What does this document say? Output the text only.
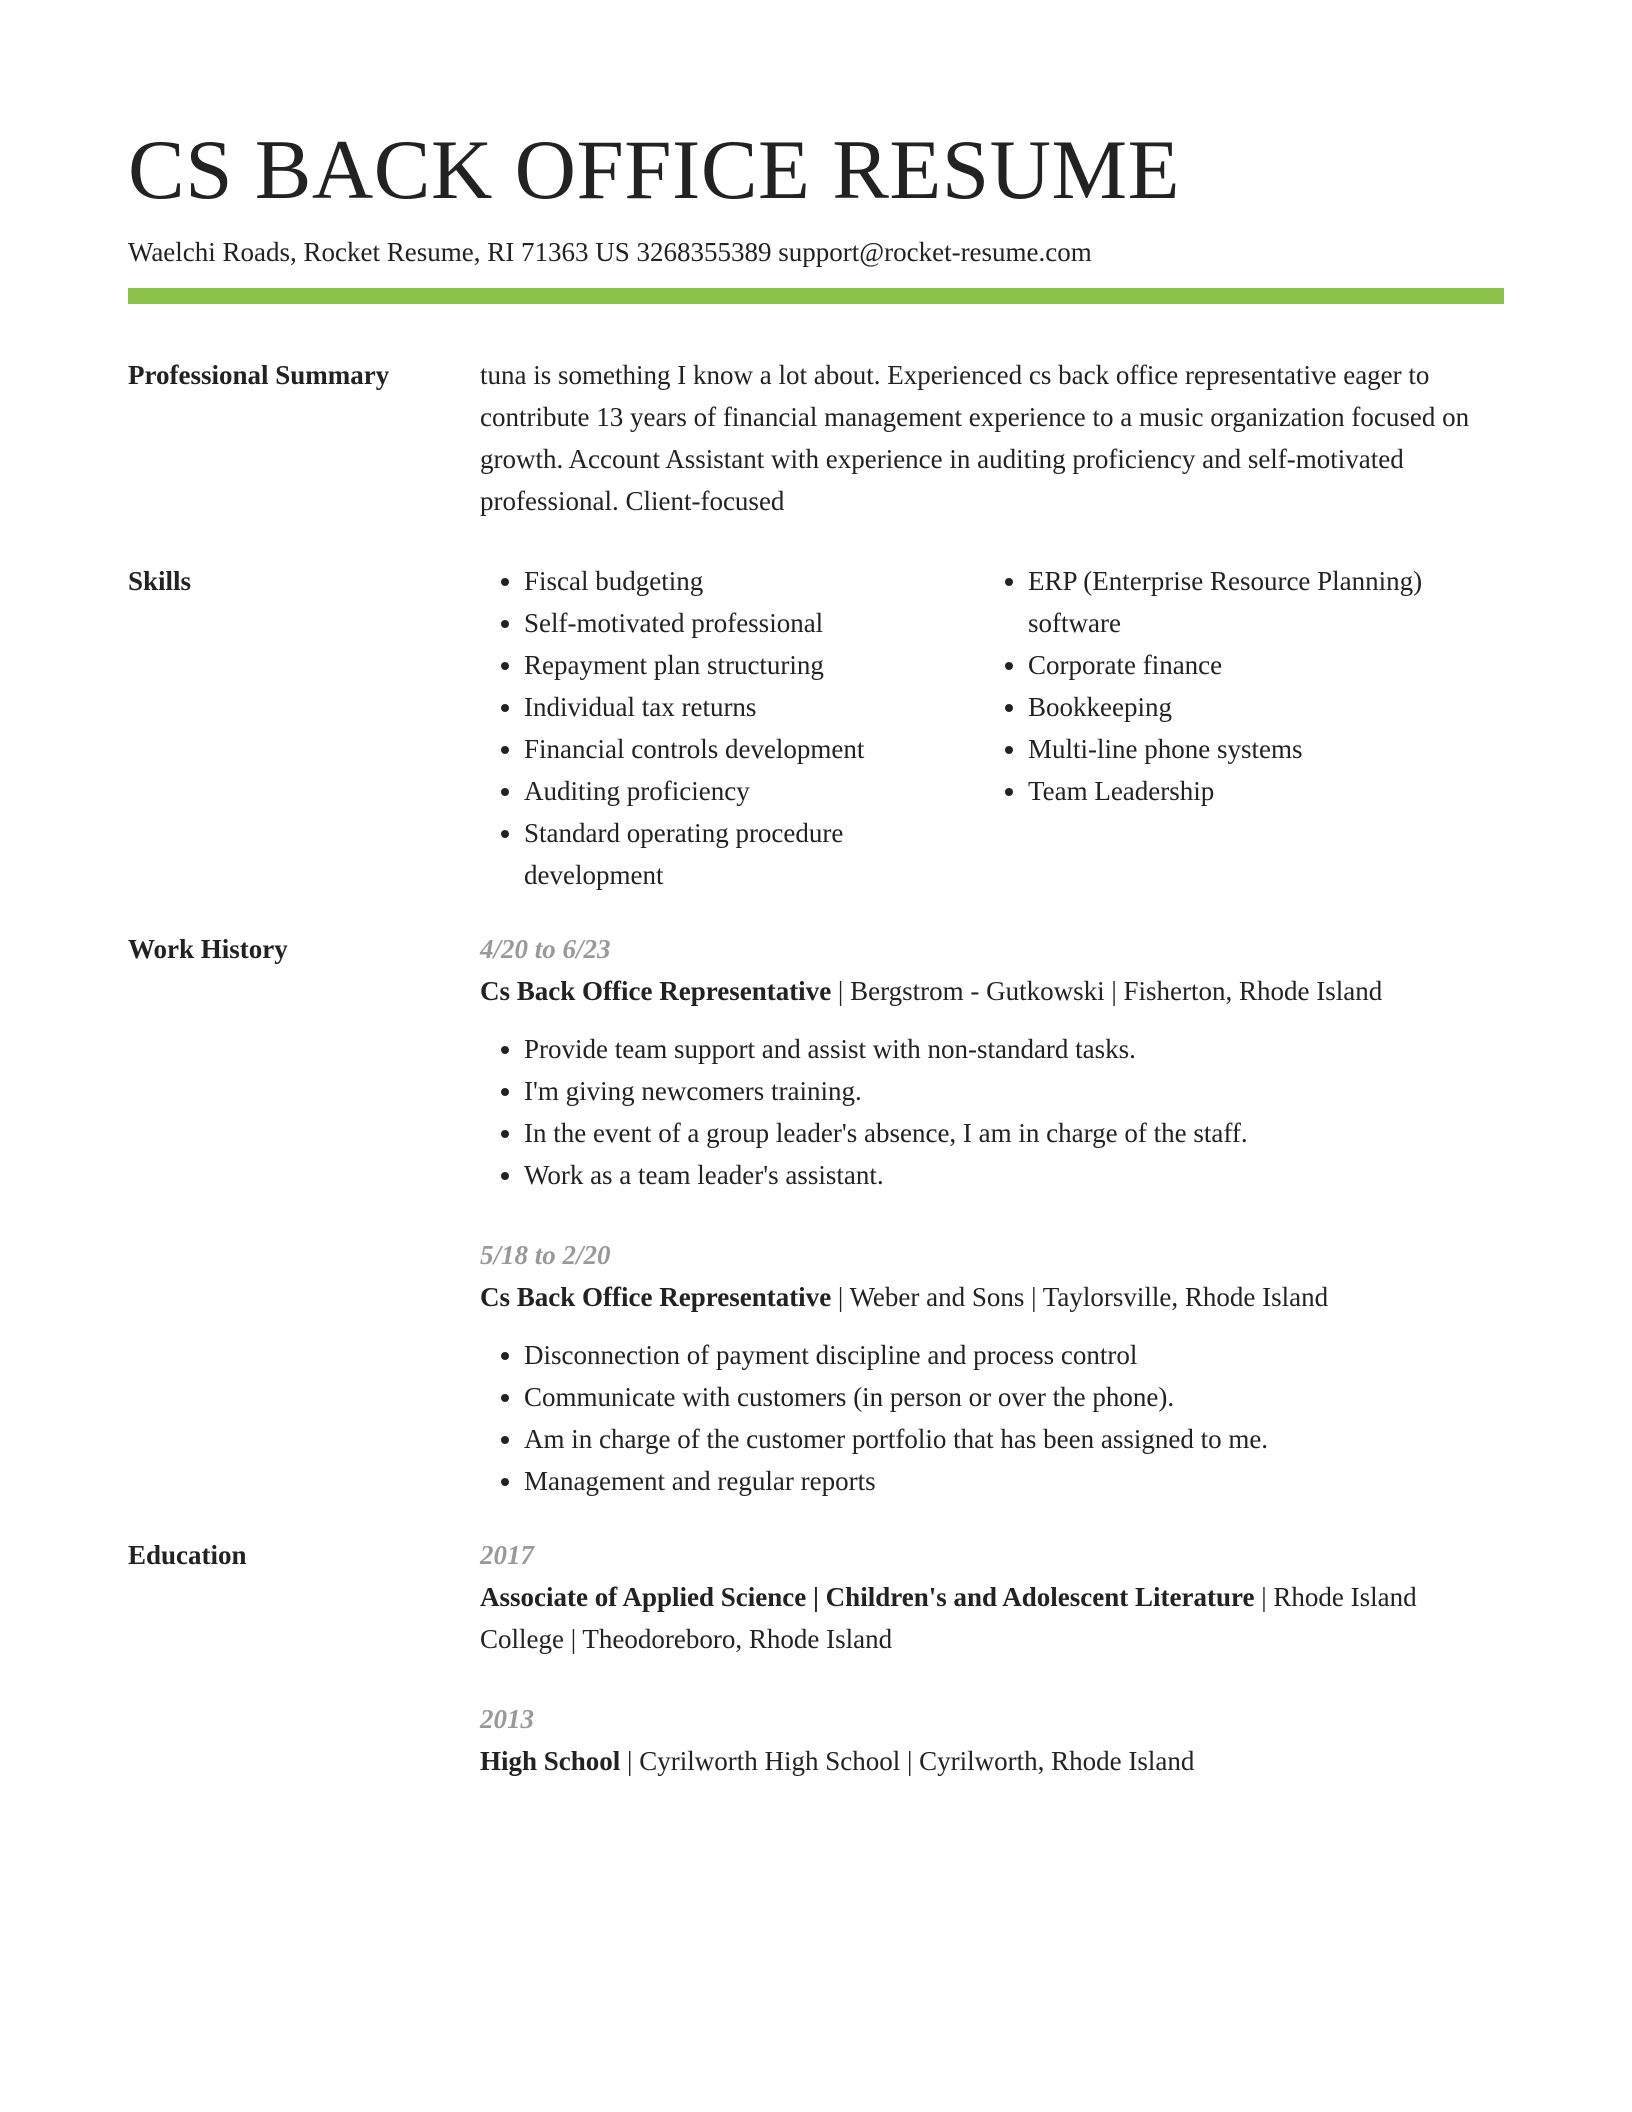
CS BACK OFFICE RESUME
Waelchi Roads, Rocket Resume, RI 71363 US 3268355389 support@rocket-resume.com
Professional Summary	tuna is something I know a lot about. Experienced cs back office representative eager to contribute 13 years of financial management experience to a music organization focused on growth. Account Assistant with experience in auditing proficiency and self-motivated professional. Client-focused
Skills
•	Fiscal budgeting
• Self-motivated professional
• Repayment plan structuring
• Individual tax returns
• Financial controls development
• Auditing proficiency
• Standard operating procedure development
• ERP (Enterprise Resource Planning) software
• Corporate finance
• Bookkeeping
• Multi-line phone systems
• Team Leadership
Work History	4/20 to 6/23
Cs Back Office Representative | Bergstrom - Gutkowski | Fisherton, Rhode Island
• Provide team support and assist with non-standard tasks.
• I'm giving newcomers training.
• In the event of a group leader's absence, I am in charge of the staff.
• Work as a team leader's assistant.
5/18 to 2/20
Cs Back Office Representative | Weber and Sons | Taylorsville, Rhode Island
• Disconnection of payment discipline and process control
• Communicate with customers (in person or over the phone).
• Am in charge of the customer portfolio that has been assigned to me.
• Management and regular reports
Education	2017
Associate of Applied Science | Children's and Adolescent Literature | Rhode Island College | Theodoreboro, Rhode Island
2013
High School | Cyrilworth High School | Cyrilworth, Rhode Island
